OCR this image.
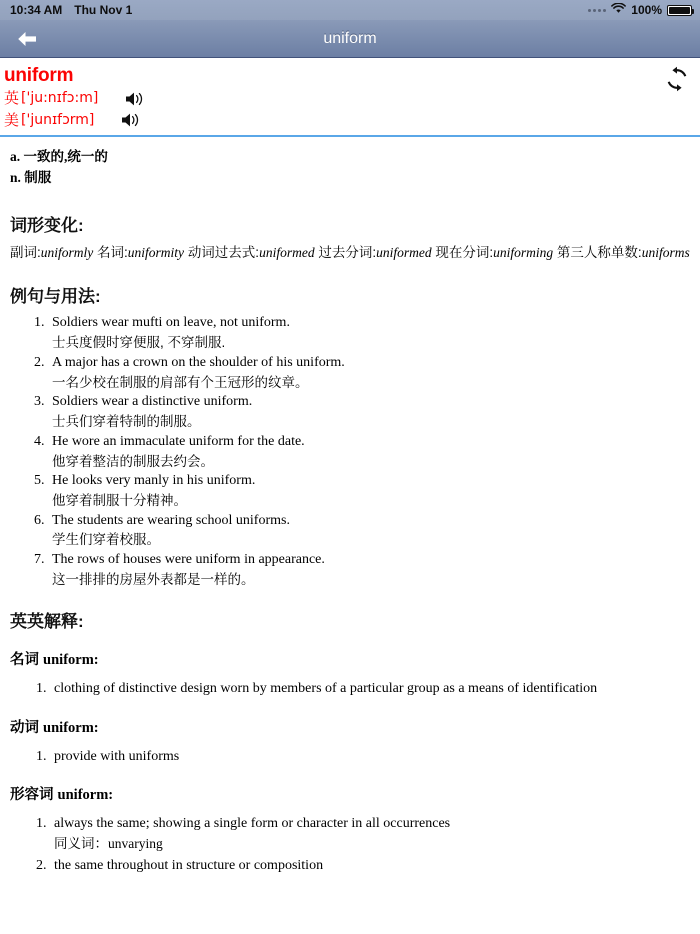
10:34 AM Thu Nov 1	100%
uniform
uniform
英 ['ju:nɪfɔ:m]
美 ['junɪfɔrm]
a. 一致的,统一的
n. 制服
词形变化:
副词:uniformly 名词:uniformity 动词过去式:uniformed 过去分词:uniformed 现在分词:uniforming 第三人称单数:uniforms
例句与用法:
1. Soldiers wear mufti on leave, not uniform.
士兵度假时穿便服, 不穿制服.
2. A major has a crown on the shoulder of his uniform.
一名少校在制服的肩部有个王冠形的纹章。
3. Soldiers wear a distinctive uniform.
士兵们穿着特制的制服。
4. He wore an immaculate uniform for the date.
他穿着整洁的制服去约会。
5. He looks very manly in his uniform.
他穿着制服十分精神。
6. The students are wearing school uniforms.
学生们穿着校服。
7. The rows of houses were uniform in appearance.
这一排排的房屋外表都是一样的。
英英解释:
名词 uniform:
1. clothing of distinctive design worn by members of a particular group as a means of identification
动词 uniform:
1. provide with uniforms
形容词 uniform:
1. always the same; showing a single form or character in all occurrences
同义词：unvarying
2. the same throughout in structure or composition
